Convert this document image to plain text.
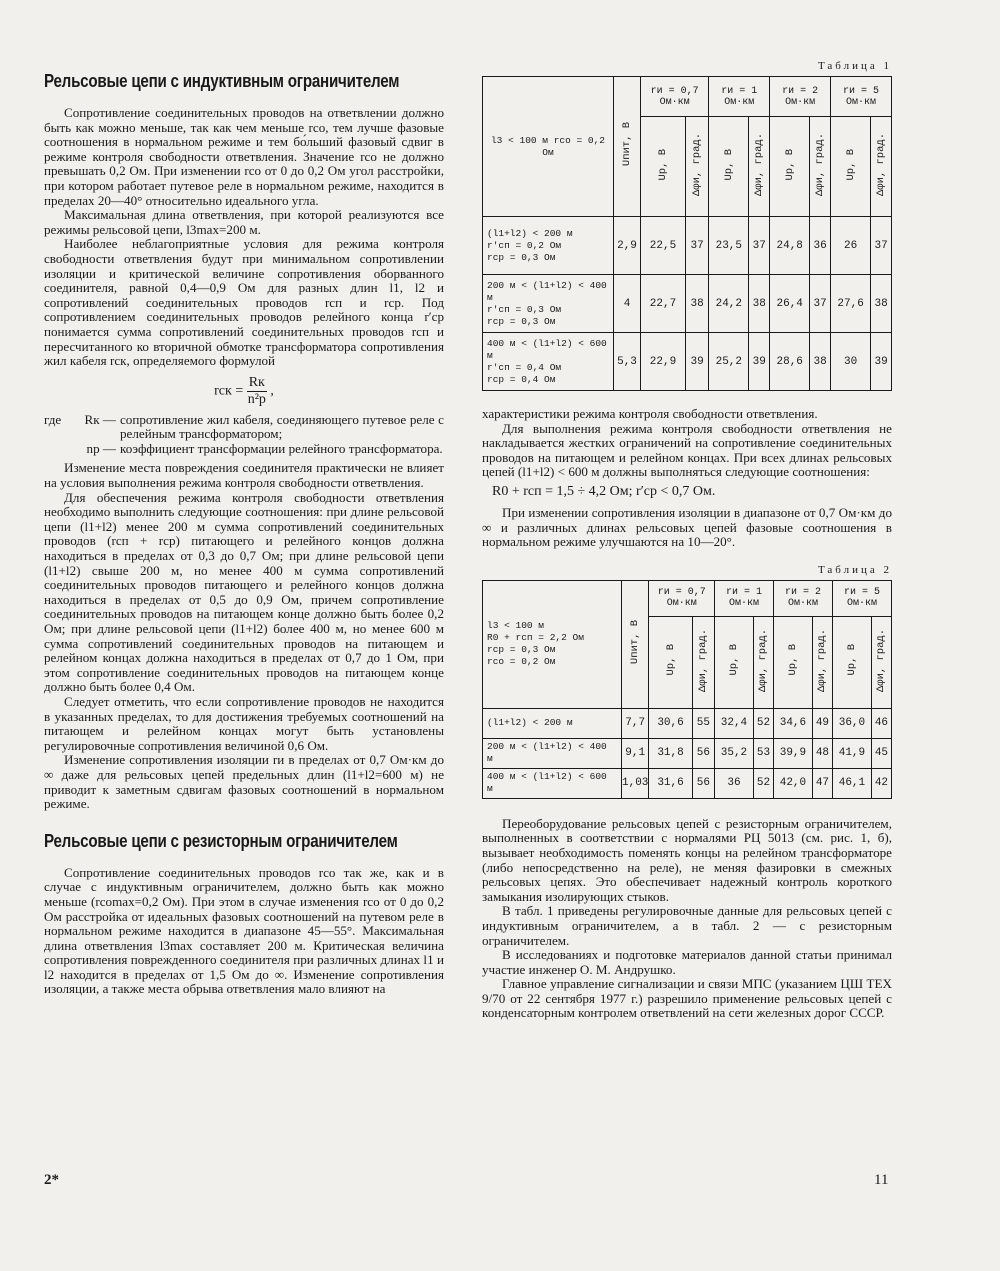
Рельсовые цепи с индуктивным ограничителем

Сопротивление соединительных проводов на ответвлении должно быть как можно меньше, так как чем меньше rсо, тем лучше фазовые соотношения в нормальном режиме и тем бо́льший фазовый сдвиг в режиме контроля свободности ответвления. Значение rсо не должно превышать 0,2 Ом. При изменении rсо от 0 до 0,2 Ом угол расстройки, при котором работает путевое реле в нормальном режиме, находится в пределах 20—40° относительно идеального угла.

Максимальная длина ответвления, при которой реализуются все режимы рельсовой цепи, l3max=200 м.

Наиболее неблагоприятные условия для режима контроля свободности ответвления будут при минимальном сопротивлении изоляции и критической величине сопротивления оборванного соединителя, равной 0,4—0,9 Ом для разных длин l1, l2 и сопротивлений соединительных проводов rсп и rср. Под сопротивлением соединительных проводов релейного конца r′ср понимается сумма сопротивлений соединительных проводов rсп и пересчитанного ко вторичной обмотке трансформатора сопротивления жил кабеля rск, определяемого формулой

rск = $\frac{Rк}{\text{n²р}}$ ,
где	Rк — сопротивление жил кабеля, соединяющего путевое реле с релейным трансформатором;
nр — коэффициент трансформации релейного трансформатора.

Изменение места повреждения соединителя практически не влияет на условия выполнения режима контроля свободности ответвления.

Для обеспечения режима контроля свободности ответвления необходимо выполнить следующие соотношения: при длине рельсовой цепи (l1+l2) менее 200 м сумма сопротивлений соединительных проводов (rсп + rср) питающего и релейного концов должна находиться в пределах от 0,3 до 0,7 Ом; при длине рельсовой цепи (l1+l2) свыше 200 м, но менее 400 м сумма сопротивлений соединительных проводов питающего и релейного концов должна находиться в пределах от 0,5 до 0,9 Ом, причем сопротивление соединительных проводов на питающем конце должно быть более 0,2 Ом; при длине рельсовой цепи (l1+l2) более 400 м, но менее 600 м сумма сопротивлений соединительных проводов на питающем и релейном концах должна находиться в пределах от 0,7 до 1 Ом, при этом сопротивление соединительных проводов на питающем конце должно быть более 0,4 Ом.

Следует отметить, что если сопротивление проводов не находится в указанных пределах, то для достижения требуемых соотношений на питающем и релейном концах могут быть установлены регулировочные сопротивления величиной 0,6 Ом.

Изменение сопротивления изоляции rи в пределах от 0,7 Ом·км до ∞ даже для рельсовых цепей предельных длин (l1+l2=600 м) не приводит к заметным сдвигам фазовых соотношений в нормальном режиме.

Рельсовые цепи с резисторным ограничителем

Сопротивление соединительных проводов rсо так же, как и в случае с индуктивным ограничителем, должно быть как можно меньше (rcomax=0,2 Ом). При этом в случае изменения rсо от 0 до 0,2 Ом расстройка от идеальных фазовых соотношений на путевом реле в нормальном режиме находится в диапазоне 45—55°. Максимальная длина ответвления l3max составляет 200 м. Критическая величина сопротивления поврежденного соединителя при различных длинах l1 и l2 находится в пределах от 1,5 Ом до ∞. Изменение сопротивления изоляции, а также места обрыва ответвления мало влияют на

2*
Таблица 1
l3 < 100 м rсо = 0,2 Ом	Uпит, В	rи = 0,7 Ом·км		rи = 1 Ом·км		rи = 2 Ом·км		rи = 5 Ом·км	
		Uр, В	Δφи, град.	Uр, В	Δφи, град.	Uр, В	Δφи, град.	Uр, В	Δφи, град.

(l1+l2) < 200 м
r′сп = 0,2 Ом
rср = 0,3 Ом	2,9	22,5	37	23,5	37	24,8	36	26	37

200 м < (l1+l2) < 400 м
r′сп = 0,3 Ом
rср = 0,3 Ом	4	22,7	38	24,2	38	26,4	37	27,6	38

400 м < (l1+l2) < 600 м
r′сп = 0,4 Ом
rср = 0,4 Ом	5,3	22,9	39	25,2	39	28,6	38	30	39

характеристики режима контроля свободности ответвления.

Для выполнения режима контроля свободности ответвления не накладывается жестких ограничений на сопротивление соединительных проводов на питающем и релейном концах. При всех длинах рельсовых цепей (l1+l2) < 600 м должны выполняться следующие соотношения:

R0 + rсп = 1,5 ÷ 4,2 Ом; r′ср < 0,7 Ом.

При изменении сопротивления изоляции в диапазоне от 0,7 Ом·км до ∞ и различных длинах рельсовых цепей фазовые соотношения в нормальном режиме улучшаются на 10—20°.

Таблица 2
l3 < 100 м
R0 + rсп = 2,2 Ом
rср = 0,3 Ом
rсо = 0,2 Ом	Uпит, В	rи = 0,7 Ом·км		rи = 1 Ом·км		rи = 2 Ом·км		rи = 5 Ом·км	
		Uр, В	Δφи, град.	Uр, В	Δφи, град.	Uр, В	Δφи, град.	Uр, В	Δφи, град.
(l1+l2) < 200 м	7,7	30,6	55	32,4	52	34,6	49	36,0	46
200 м < (l1+l2) < 400 м	9,1	31,8	56	35,2	53	39,9	48	41,9	45
400 м < (l1+l2) < 600 м	1,03	31,6	56	36	52	42,0	47	46,1	42

Переоборудование рельсовых цепей с резисторным ограничителем, выполненных в соответствии с нормалями РЦ 5013 (см. рис. 1, б), вызывает необходимость поменять концы на релейном трансформаторе (либо непосредственно на реле), не меняя фазировки в смежных рельсовых цепях. Это обеспечивает надежный контроль короткого замыкания изолирующих стыков.

В табл. 1 приведены регулировочные данные для рельсовых цепей с индуктивным ограничителем, а в табл. 2 — с резисторным ограничителем.

В исследованиях и подготовке материалов данной статьи принимал участие инженер О. М. Андрушко.

Главное управление сигнализации и связи МПС (указанием ЦШ ТЕХ 9/70 от 22 сентября 1977 г.) разрешило применение рельсовых цепей с конденсаторным контролем ответвлений на сети железных дорог СССР.

11
